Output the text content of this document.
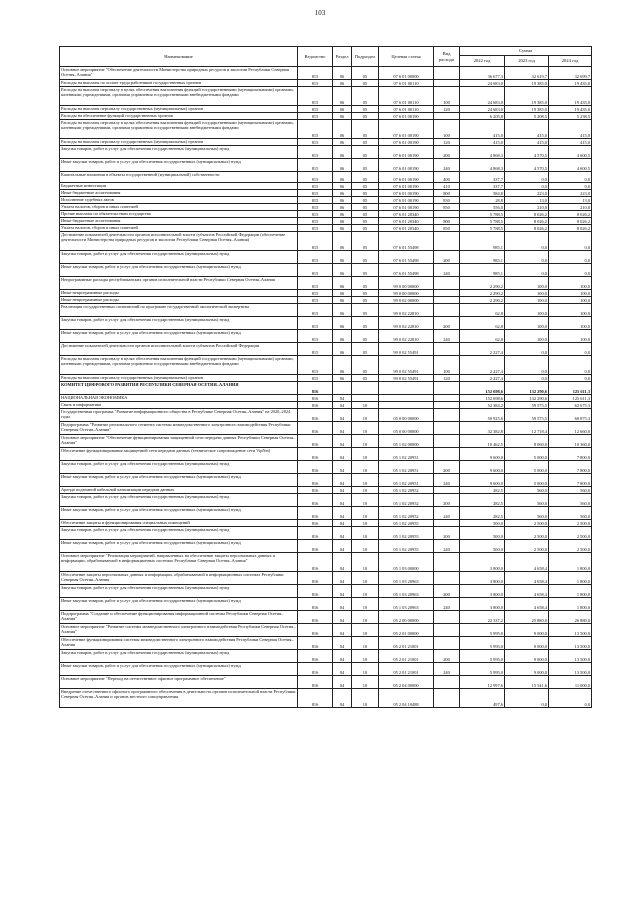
103
Наименование	Ведомство	Раздел	Подраздел	Целевая статья	Вид расхода	Сумма		
						2022 год	2023 год	2024 год
Основное мероприятие "Обеспечение деятельности Министерства природных ресурсов и экологии Республики Северная Осетия–Алания"	815	06	05	07 6 01 00000		36 677,3	32 619,7	32 699,7
Расходы на выплаты по оплате труда работников государственных органов	815	06	05	07 6 01 00110		24 683,0	19 385,0	19 435,0
Расходы на выплаты персоналу в целях обеспечения выполнения функций государственными (муниципальными) органами, казенными учреждениями, органами управления государственными внебюджетными фондами	815	06	05	07 6 01 00110	100	24 683,0	19 385,0	19 435,0
Расходы на выплаты персоналу государственных (муниципальных) органов	815	06	05	07 6 01 00110	120	24 683,0	19 385,0	19 435,0
Расходы на обеспечение функций государственных органов	815	06	05	07 6 01 00190		6 205,8	5 208,5	5 238,5
Расходы на выплаты персоналу в целях обеспечения выполнения функций государственными (муниципальными) органами, казенными учреждениями, органами управления государственными внебюджетными фондами	815	06	05	07 6 01 00190	100	415,0	415,0	415,0
Расходы на выплаты персоналу государственных (муниципальных) органов	815	06	05	07 6 01 00190	120	415,0	415,0	415,0
Закупка товаров, работ и услуг для обеспечения государственных (муниципальных) нужд	815	06	05	07 6 01 00190	200	4 868,3	4 570,5	4 600,5
Иные закупки товаров, работ и услуг для обеспечения государственных (муниципальных) нужд	815	06	05	07 6 01 00190	240	4 868,3	4 570,5	4 600,5
Капитальные вложения в объекты государственной (муниципальной) собственности	815	06	05	07 6 01 00190	400	337,7	0,0	0,0
Бюджетные инвестиции	815	06	05	07 6 01 00190	410	337,7	0,0	0,0
Иные бюджетные ассигнования	815	06	05	07 6 01 00190	800	584,8	223,0	223,0
Исполнение судебных актов	815	06	05	07 6 01 00190	830	28,8	13,0	13,0
Уплата налогов, сборов и иных платежей	815	06	05	07 6 01 00190	850	556,0	210,0	210,0
Прочие выплаты по обязательствам государства	815	06	05	07 6 01 20340		5 788,5	8 026,2	8 026,2
Иные бюджетные ассигнования	815	06	05	07 6 01 20340	800	5 788,5	8 026,2	8 026,2
Уплата налогов, сборов и иных платежей	815	06	05	07 6 01 20340	850	5 788,5	8 026,2	8 026,2
Достижение показателей деятельности органов исполнительной власти субъектов Российской Федерации (обеспечение деятельности Министерства природных ресурсов и экологии Республики Северная Осетия–Алания)	815	06	05	07 6 01 55498		985,1	0,0	0,0
Закупка товаров, работ и услуг для обеспечения государственных (муниципальных) нужд	815	06	05	07 6 01 55498	200	985,1	0,0	0,0
Иные закупки товаров, работ и услуг для обеспечения государственных (муниципальных) нужд	815	06	05	07 6 01 55498	240	985,1	0,0	0,0
Непрограммные расходы республиканских органов исполнительной власти Республики Северная Осетия–Алания	815	06	05	99 0 00 00000		2 290,2	100,0	100,0
Иные непрограммные расходы	815	06	05	99 0 00 00000		2 290,2	100,0	100,0
Иные непрограммные расходы	815	06	05	99 0 02 00000		2 290,2	100,0	100,0
Реализация государственных полномочий по программе государственной экологической экспертизы	815	06	05	99 0 02 22810		62,8	100,0	100,0
Закупка товаров, работ и услуг для обеспечения государственных (муниципальных) нужд	815	06	05	99 0 02 22810	200	62,8	100,0	100,0
Иные закупки товаров, работ и услуг для обеспечения государственных (муниципальных) нужд	815	06	05	99 0 02 22810	240	62,8	100,0	100,0
Достижение показателей деятельности органов исполнительной власти субъектов Российской Федерации	815	06	05	99 0 02 55491		2 227,4	0,0	0,0
Расходы на выплаты персоналу в целях обеспечения выполнения функций государственными (муниципальными) органами, казенными учреждениями, органами управления государственными внебюджетными фондами	815	06	05	99 0 02 55491	100	2 227,4	0,0	0,0
Расходы на выплаты персоналу государственных (муниципальных) органов	815	06	05	99 0 02 55491	120	2 227,4	0,0	0,0
КОМИТЕТ ЦИФРОВОГО РАЗВИТИЯ РЕСПУБЛИКИ СЕВЕРНАЯ ОСЕТИЯ–АЛАНИЯ	816					152 698,6	132 290,6	125 611,3
НАЦИОНАЛЬНАЯ ЭКОНОМИКА	816	04				152 698,6	132 290,6	125 611,3
Связь и информатика	816	04	10			52 384,2	59 575,5	62 675,3
Государственная программа "Развитие информационного общества в Республике Северная Осетия–Алания" на 2020–2024 годы	816	04	10	05 0 00 00000		50 925,6	59 575,5	60 875,3
Подпрограмма "Развитие регионального сегмента системы межведомственного электронного взаимодействия Республики Северная Осетия–Алания"	816	04	10	05 0 00 00000		32 382,8	12 718,4	12 660,0
Основное мероприятие "Обеспечение функционирования защищенной сети передачи данных Республики Северная Осетия–Алания"	816	04	10	05 1 02 00000		10 462,5	8 060,0	10 360,0
Обеспечение функционирования защищенной сети передачи данных (техническое сопровождение сети VipNet)	816	04	10	05 1 02 20951		9 600,0	5 000,0	7 800,0
Закупка товаров, работ и услуг для обеспечения государственных (муниципальных) нужд	816	04	10	05 1 02 20951	200	9 600,0	5 000,0	7 800,0
Иные закупки товаров, работ и услуг для обеспечения государственных (муниципальных) нужд	816	04	10	05 1 02 20951	240	9 600,0	5 000,0	7 800,0
Аренда подземной кабельной канализации передачи данных	816	04	10	05 1 02 20952		282,5	560,0	560,0
Закупка товаров, работ и услуг для обеспечения государственных (муниципальных) нужд	816	04	10	05 1 02 20952	200	282,5	560,0	560,0
Иные закупки товаров, работ и услуг для обеспечения государственных (муниципальных) нужд	816	04	10	05 1 02 20952	240	282,5	560,0	560,0
Обеспечение защиты и функционирования специальных помещений	816	04	10	05 1 02 20955		500,0	2 500,0	2 500,0
Закупка товаров, работ и услуг для обеспечения государственных (муниципальных) нужд	816	04	10	05 1 02 20955	200	500,0	2 500,0	2 500,0
Иные закупки товаров, работ и услуг для обеспечения государственных (муниципальных) нужд	816	04	10	05 1 02 20955	240	500,0	2 500,0	2 500,0
Основное мероприятие "Реализация мероприятий, направленных на обеспечение защиты персональных данных и информации, обрабатываемой в информационных системах Республики Северная Осетия–Алания"	816	04	10	05 1 03 00000		3 800,0	4 658,4	1 800,0
Обеспечение защиты персональных данных и информации, обрабатываемой в информационных системах Республики Северная Осетия–Алания	816	04	10	05 1 03 20963		3 800,0	4 658,4	1 800,0
Закупка товаров, работ и услуг для обеспечения государственных (муниципальных) нужд	816	04	10	05 1 03 20963	200	3 800,0	4 658,4	1 800,0
Иные закупки товаров, работ и услуг для обеспечения государственных (муниципальных) нужд	816	04	10	05 1 03 20963	240	3 800,0	4 658,4	1 800,0
Подпрограмма "Создание и обеспечение функционирования информационной системы Республики Северная Осетия–Алания"	816	04	10	05 2 00 00000		22 337,2	25 880,0	26 880,0
Основное мероприятие "Развитие системы межведомственного электронного взаимодействия Республики Северная Осетия–Алания"	816	04	10	05 2 01 00000		5 995,0	9 000,0	13 500,0
Обеспечение функционирования системы межведомственного электронного взаимодействия Республики Северная Осетия–Алания	816	04	10	05 2 01 21001		5 995,0	9 000,0	13 500,0
Закупка товаров, работ и услуг для обеспечения государственных (муниципальных) нужд	816	04	10	05 2 01 21001	200	5 995,0	9 000,0	13 500,0
Иные закупки товаров, работ и услуг для обеспечения государственных (муниципальных) нужд	816	04	10	05 2 01 21001	240	5 995,0	9 000,0	13 500,0
Основное мероприятие "Переход на отечественное офисное программное обеспечение"	816	04	10	05 2 04 00000		12 997,6	15 541,6	11 000,0
Внедрение отечественного офисного программного обеспечения в деятельность органов исполнительной власти Республики Северная Осетия–Алания и органов местного самоуправления	816	04	10	05 2 04 10488		497,6	0,0	0,0
